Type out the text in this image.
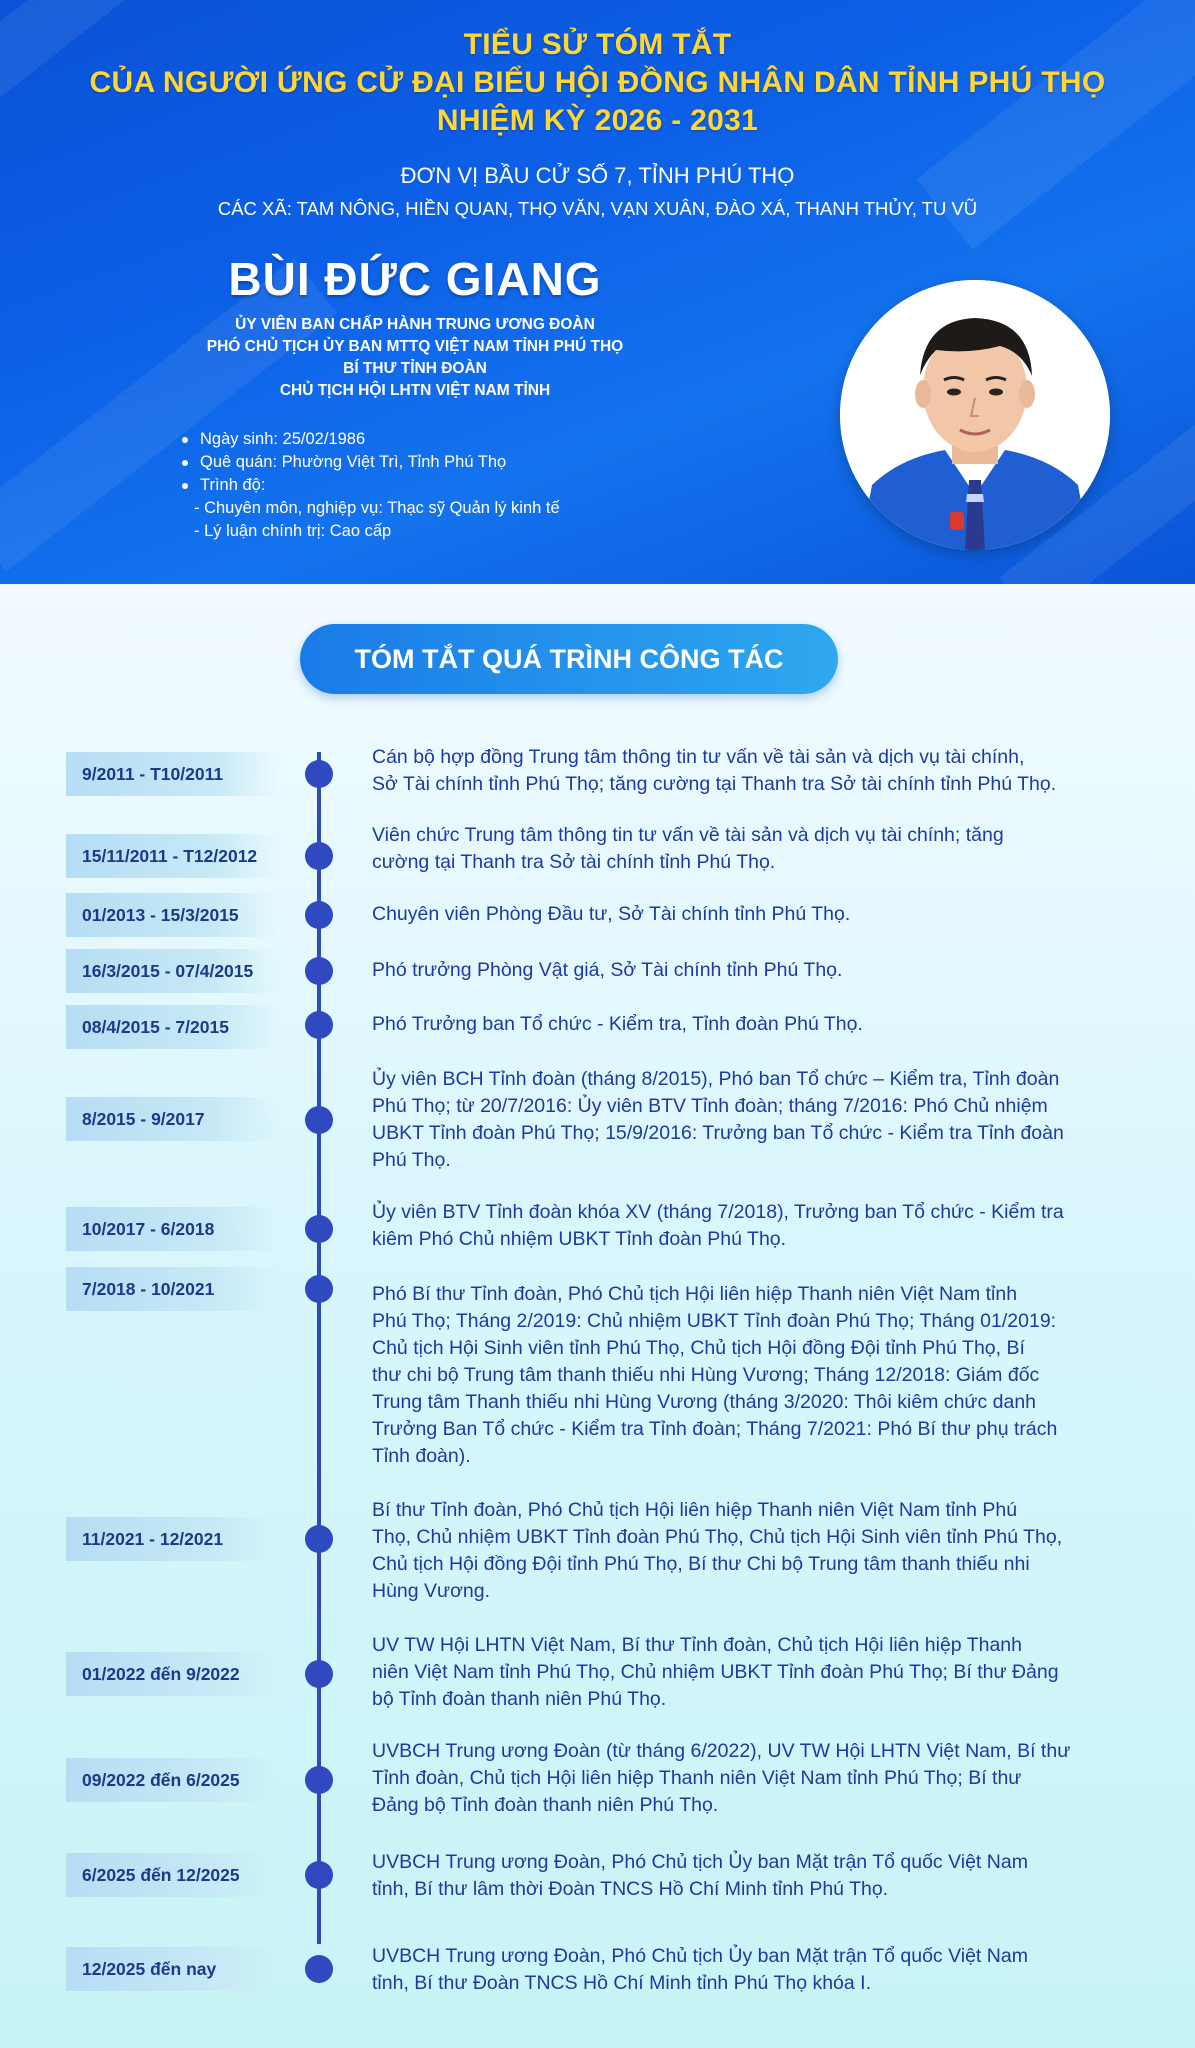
TIỂU SỬ TÓM TẮT
CỦA NGƯỜI ỨNG CỬ ĐẠI BIỂU HỘI ĐỒNG NHÂN DÂN TỈNH PHÚ THỌ
NHIỆM KỲ 2026 - 2031
ĐƠN VỊ BẦU CỬ SỐ 7, TỈNH PHÚ THỌ
CÁC XÃ: TAM NÔNG, HIỀN QUAN, THỌ VĂN, VẠN XUÂN, ĐÀO XÁ, THANH THỦY, TU VŨ
BÙI ĐỨC GIANG
ỦY VIÊN BAN CHẤP HÀNH TRUNG ƯƠNG ĐOÀN
PHÓ CHỦ TỊCH ỦY BAN MTTQ VIỆT NAM TỈNH PHÚ THỌ
BÍ THƯ TỈNH ĐOÀN
CHỦ TỊCH HỘI LHTN VIỆT NAM TỈNH
Ngày sinh: 25/02/1986
Quê quán: Phường Việt Trì, Tỉnh Phú Thọ
Trình độ:
- Chuyên môn, nghiệp vụ: Thạc sỹ Quản lý kinh tế
- Lý luận chính trị: Cao cấp
TÓM TẮT QUÁ TRÌNH CÔNG TÁC
9/2011 - T10/2011
Cán bộ hợp đồng Trung tâm thông tin tư vấn về tài sản và dịch vụ tài chính,
Sở Tài chính tỉnh Phú Thọ; tăng cường tại Thanh tra Sở tài chính tỉnh Phú Thọ.
15/11/2011 - T12/2012
Viên chức Trung tâm thông tin tư vấn về tài sản và dịch vụ tài chính; tăng
cường tại Thanh tra Sở tài chính tỉnh Phú Thọ.
01/2013 - 15/3/2015	Chuyên viên Phòng Đầu tư, Sở Tài chính tỉnh Phú Thọ.
16/3/2015 - 07/4/2015	Phó trưởng Phòng Vật giá, Sở Tài chính tỉnh Phú Thọ.
08/4/2015 - 7/2015	Phó Trưởng ban Tổ chức - Kiểm tra, Tỉnh đoàn Phú Thọ.
8/2015 - 9/2017
Ủy viên BCH Tỉnh đoàn (tháng 8/2015), Phó ban Tổ chức – Kiểm tra, Tỉnh đoàn
Phú Thọ; từ 20/7/2016: Ủy viên BTV Tỉnh đoàn; tháng 7/2016: Phó Chủ nhiệm
UBKT Tỉnh đoàn Phú Thọ; 15/9/2016: Trưởng ban Tổ chức - Kiểm tra Tỉnh đoàn
Phú Thọ.
10/2017 - 6/2018
Ủy viên BTV Tỉnh đoàn khóa XV (tháng 7/2018), Trưởng ban Tổ chức - Kiểm tra
kiêm Phó Chủ nhiệm UBKT Tỉnh đoàn Phú Thọ.
7/2018 - 10/2021	Phó Bí thư Tỉnh đoàn, Phó Chủ tịch Hội liên hiệp Thanh niên Việt Nam tỉnh
Phú Thọ; Tháng 2/2019: Chủ nhiệm UBKT Tỉnh đoàn Phú Thọ; Tháng 01/2019:
Chủ tịch Hội Sinh viên tỉnh Phú Thọ, Chủ tịch Hội đồng Đội tỉnh Phú Thọ, Bí
thư chi bộ Trung tâm thanh thiếu nhi Hùng Vương; Tháng 12/2018: Giám đốc
Trung tâm Thanh thiếu nhi Hùng Vương (tháng 3/2020: Thôi kiêm chức danh
Trưởng Ban Tổ chức - Kiểm tra Tỉnh đoàn; Tháng 7/2021: Phó Bí thư phụ trách
Tỉnh đoàn).
11/2021 - 12/2021
Bí thư Tỉnh đoàn, Phó Chủ tịch Hội liên hiệp Thanh niên Việt Nam tỉnh Phú
Thọ, Chủ nhiệm UBKT Tỉnh đoàn Phú Thọ, Chủ tịch Hội Sinh viên tỉnh Phú Thọ,
Chủ tịch Hội đồng Đội tỉnh Phú Thọ, Bí thư Chi bộ Trung tâm thanh thiếu nhi
Hùng Vương.
01/2022 đến 9/2022
UV TW Hội LHTN Việt Nam, Bí thư Tỉnh đoàn, Chủ tịch Hội liên hiệp Thanh
niên Việt Nam tỉnh Phú Thọ, Chủ nhiệm UBKT Tỉnh đoàn Phú Thọ; Bí thư Đảng
bộ Tỉnh đoàn thanh niên Phú Thọ.
09/2022 đến 6/2025
UVBCH Trung ương Đoàn (từ tháng 6/2022), UV TW Hội LHTN Việt Nam, Bí thư
Tỉnh đoàn, Chủ tịch Hội liên hiệp Thanh niên Việt Nam tỉnh Phú Thọ; Bí thư
Đảng bộ Tỉnh đoàn thanh niên Phú Thọ.
6/2025 đến 12/2025
UVBCH Trung ương Đoàn, Phó Chủ tịch Ủy ban Mặt trận Tổ quốc Việt Nam
tỉnh, Bí thư lâm thời Đoàn TNCS Hồ Chí Minh tỉnh Phú Thọ.
12/2025 đến nay
UVBCH Trung ương Đoàn, Phó Chủ tịch Ủy ban Mặt trận Tổ quốc Việt Nam
tỉnh, Bí thư Đoàn TNCS Hồ Chí Minh tỉnh Phú Thọ khóa I.
